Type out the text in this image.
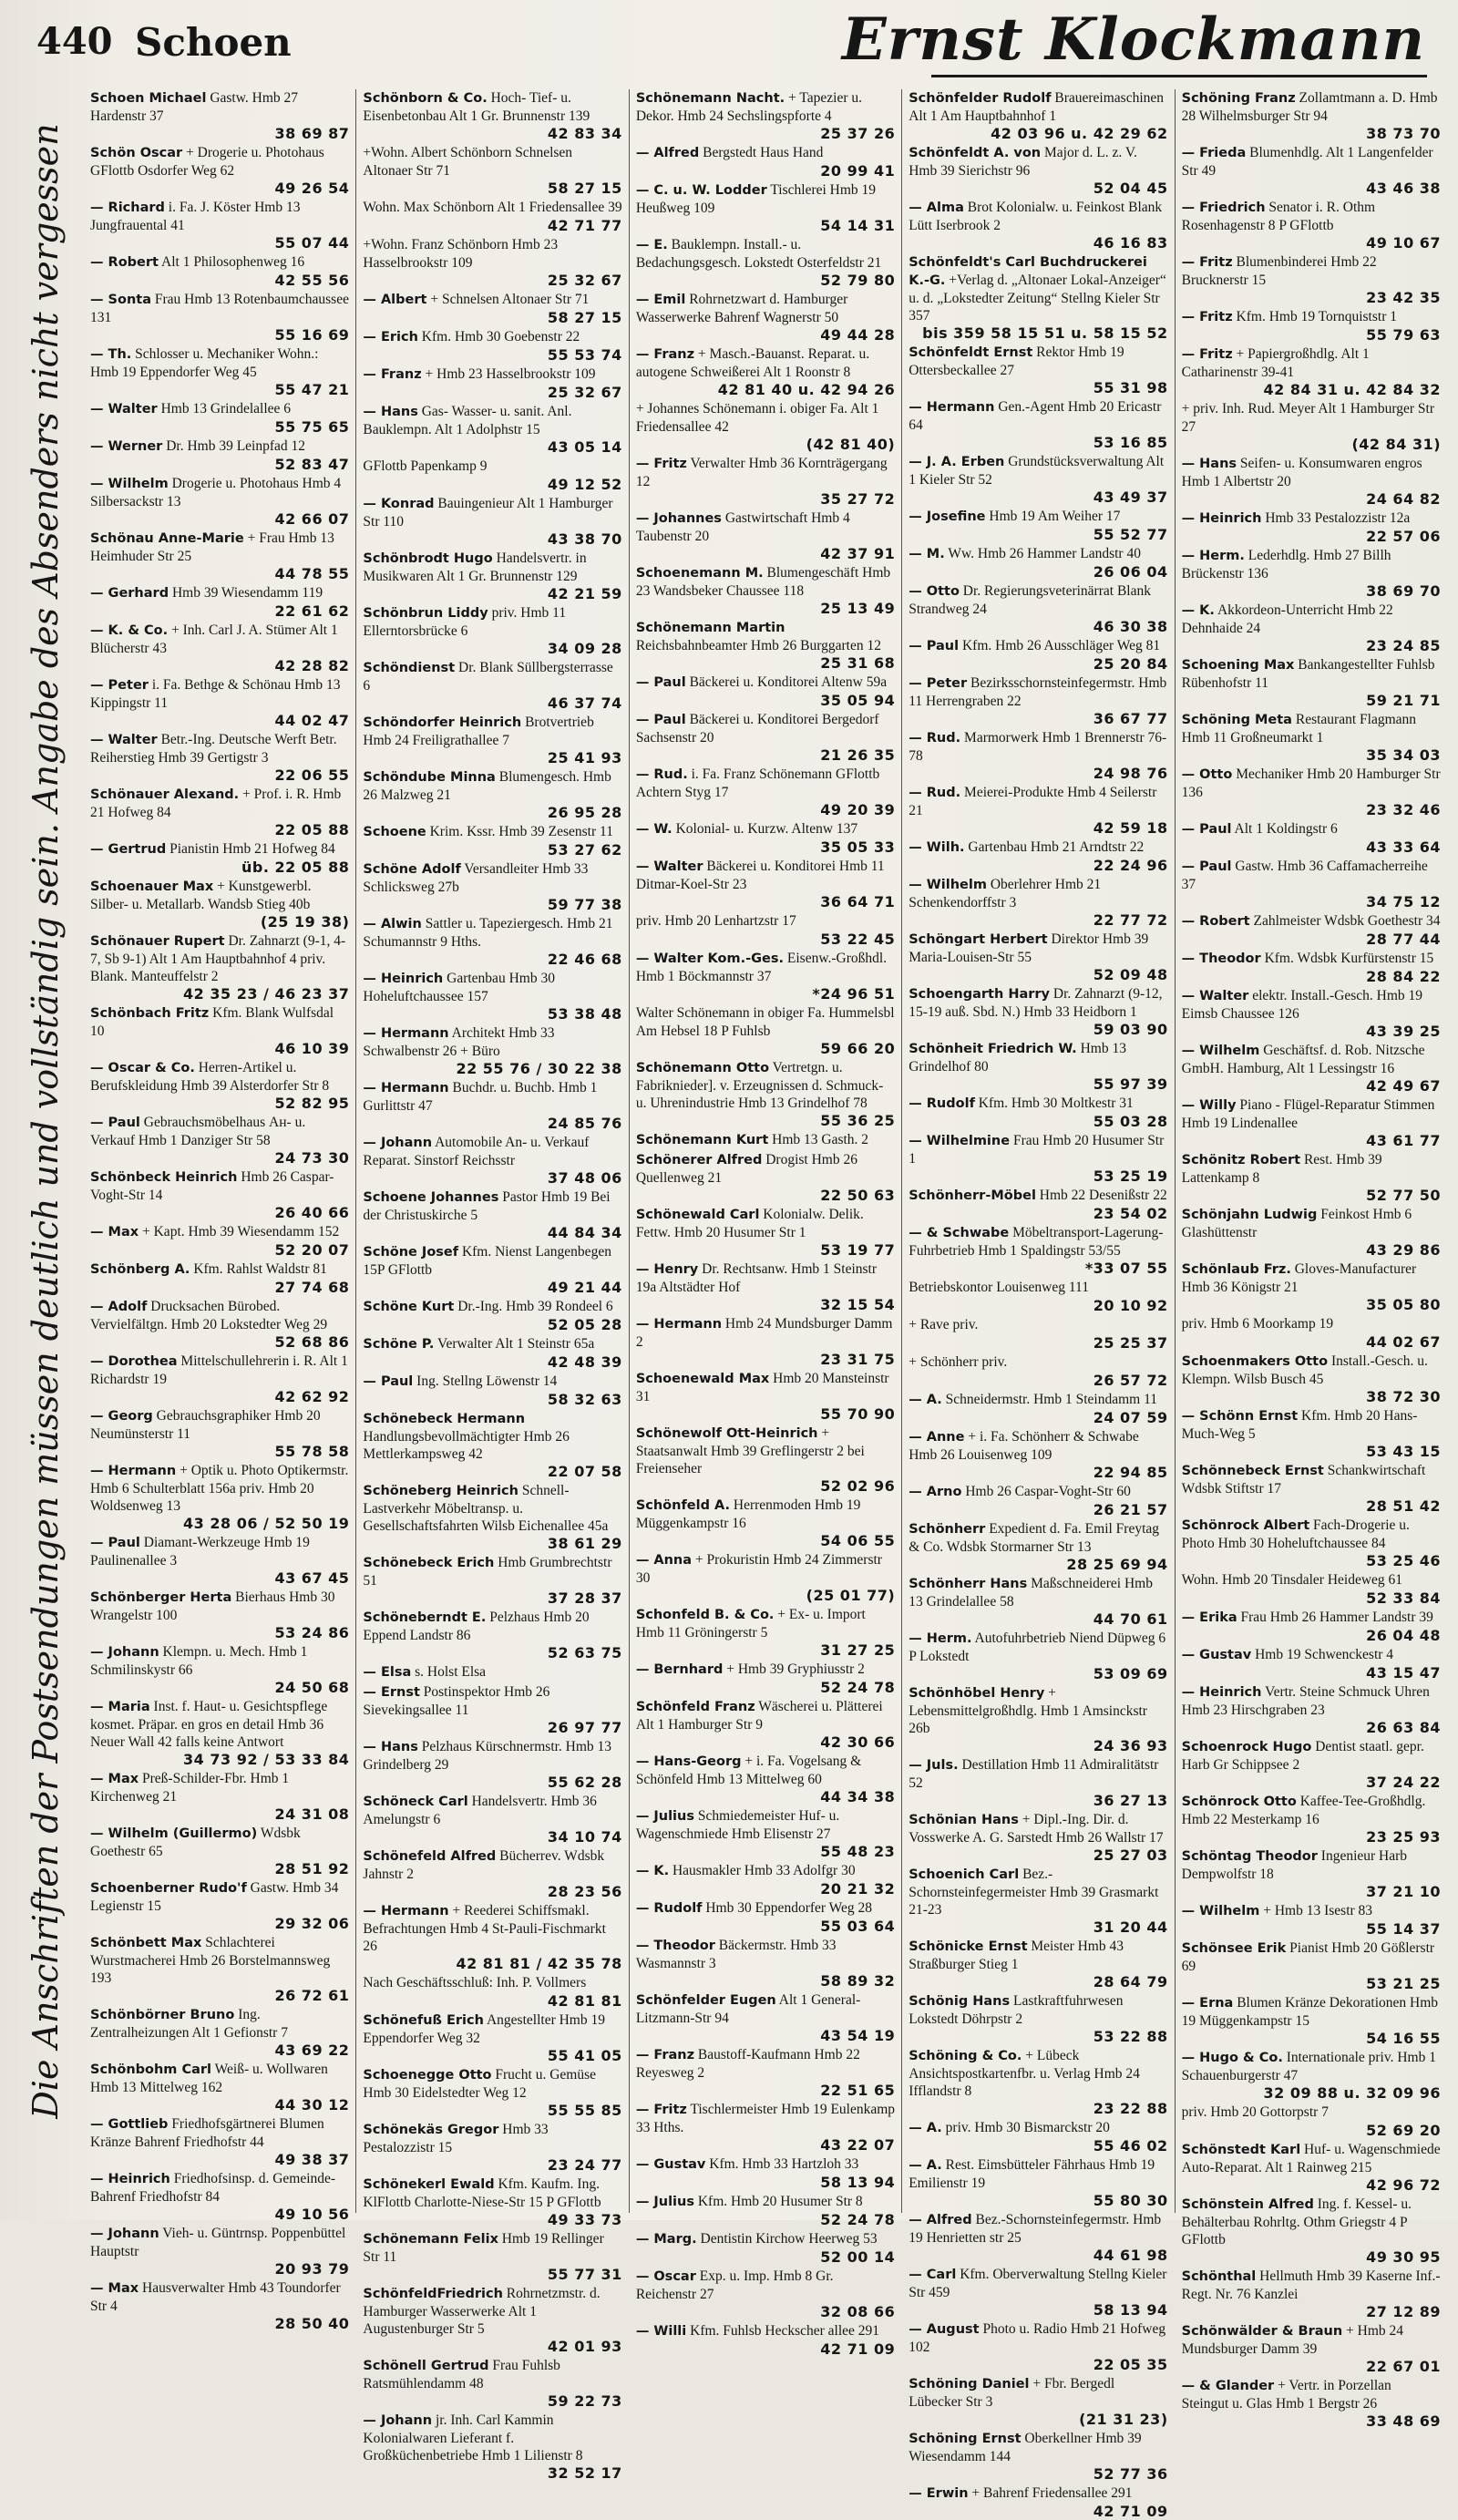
440 Schoen	Ernst Klockmann
Die Anschriften der Postsendungen müssen deutlich und vollständig sein. Angabe des Absenders nicht vergessen
Schoen Michael Gastw. Hmb 27 Hardenstr 37
38 69 87
Schön Oscar + Drogerie u. Photohaus GFlottb Osdorfer Weg 62
49 26 54
— Richard i. Fa. J. Köster Hmb 13 Jungfrauental 41
55 07 44
— Robert Alt 1 Philosophenweg 16
42 55 56
— Sonta Frau Hmb 13 Rotenbaumchaussee 131
55 16 69
— Th. Schlosser u. Mechaniker Wohn.: Hmb 19 Eppendorfer Weg 45
55 47 21
— Walter Hmb 13 Grindelallee 6
55 75 65
— Werner Dr. Hmb 39 Leinpfad 12
52 83 47
— Wilhelm Drogerie u. Photohaus Hmb 4 Silbersackstr 13
42 66 07
Schönau Anne-Marie + Frau Hmb 13 Heimhuder Str 25
44 78 55
— Gerhard Hmb 39 Wiesendamm 119
22 61 62
— K. & Co. + Inh. Carl J. A. Stümer Alt 1 Blücherstr 43
42 28 82
— Peter i. Fa. Bethge & Schönau Hmb 13 Kippingstr 11
44 02 47
— Walter Betr.-Ing. Deutsche Werft Betr. Reiherstieg Hmb 39 Gertigstr 3
22 06 55
Schönauer Alexand. + Prof. i. R. Hmb 21 Hofweg 84
22 05 88
— Gertrud Pianistin Hmb 21 Hofweg 84
üb. 22 05 88
Schoenauer Max + Kunstgewerbl. Silber- u. Metallarb. Wandsb Stieg 40b
(25 19 38)
Schönauer Rupert Dr. Zahnarzt (9-1, 4-7, Sb 9-1) Alt 1 Am Hauptbahnhof 4 priv. Blank. Manteuffelstr 2
42 35 23 / 46 23 37
Schönbach Fritz Kfm. Blank Wulfsdal 10
46 10 39
— Oscar & Co. Herren-Artikel u. Berufskleidung Hmb 39 Alsterdorfer Str 8
52 82 95
— Paul Gebrauchsmöbelhaus Ан- u. Verkauf Hmb 1 Danziger Str 58
24 73 30
Schönbeck Heinrich Hmb 26 Caspar-Voght-Str 14
26 40 66
— Max + Kapt. Hmb 39 Wiesendamm 152
52 20 07
Schönberg A. Kfm. Rahlst Waldstr 81
27 74 68
— Adolf Drucksachen Bürobed. Vervielfältgn. Hmb 20 Lokstedter Weg 29
52 68 86
— Dorothea Mittelschullehrerin i. R. Alt 1 Richardstr 19
42 62 92
— Georg Gebrauchsgraphiker Hmb 20 Neumünsterstr 11
55 78 58
— Hermann + Optik u. Photo Optikermstr. Hmb 6 Schulterblatt 156a priv. Hmb 20 Woldsenweg 13
43 28 06 / 52 50 19
— Paul Diamant-Werkzeuge Hmb 19 Paulinenallee 3
43 67 45
Schönberger Herta Bierhaus Hmb 30 Wrangelstr 100
53 24 86
— Johann Klempn. u. Mech. Hmb 1 Schmilinskystr 66
24 50 68
— Maria Inst. f. Haut- u. Gesichtspflege kosmet. Präpar. en gros en detail Hmb 36 Neuer Wall 42 falls keine Antwort
34 73 92 / 53 33 84
— Max Preß-Schilder-Fbr. Hmb 1 Kirchenweg 21
24 31 08
— Wilhelm (Guillermo) Wdsbk Goethestr 65
28 51 92
Schoenberner Rudo'f Gastw. Hmb 34 Legienstr 15
29 32 06
Schönbett Max Schlachterei Wurstmacherei Hmb 26 Borstelmannsweg 193
26 72 61
Schönbörner Bruno Ing. Zentralheizungen Alt 1 Gefionstr 7
43 69 22
Schönbohm Carl Weiß- u. Wollwaren Hmb 13 Mittelweg 162
44 30 12
— Gottlieb Friedhofsgärtnerei Blumen Kränze Bahrenf Friedhofstr 44
49 38 37
— Heinrich Friedhofsinsp. d. Gemeinde-Bahrenf Friedhofstr 84
49 10 56
— Johann Vieh- u. Güntrnsp. Poppenbüttel Hauptstr
20 93 79
— Max Hausverwalter Hmb 43 Toundorfer Str 4
28 50 40
Schönborn & Co. Hoch- Tief- u. Eisenbetonbau Alt 1 Gr. Brunnenstr 139
42 83 34
+Wohn. Albert Schönborn Schnelsen Altonaer Str 71
58 27 15
Wohn. Max Schönborn Alt 1 Friedensallee 39
42 71 77
+Wohn. Franz Schönborn Hmb 23 Hasselbrookstr 109
25 32 67
— Albert + Schnelsen Altonaer Str 71
58 27 15
— Erich Kfm. Hmb 30 Goebenstr 22
55 53 74
— Franz + Hmb 23 Hasselbrookstr 109
25 32 67
— Hans Gas- Wasser- u. sanit. Anl. Bauklempn. Alt 1 Adolphstr 15
43 05 14
GFlottb Papenkamp 9
49 12 52
— Konrad Bauingenieur Alt 1 Hamburger Str 110
43 38 70
Schönbrodt Hugo Handelsvertr. in Musikwaren Alt 1 Gr. Brunnenstr 129
42 21 59
Schönbrun Liddy priv. Hmb 11 Ellerntorsbrücke 6
34 09 28
Schöndienst Dr. Blank Süllbergsterrasse 6
46 37 74
Schöndorfer Heinrich Brotvertrieb Hmb 24 Freiligrathallee 7
25 41 93
Schöndube Minna Blumengesch. Hmb 26 Malzweg 21
26 95 28
Schoene Krim. Kssr. Hmb 39 Zesenstr 11
53 27 62
Schöne Adolf Versandleiter Hmb 33 Schlicksweg 27b
59 77 38
— Alwin Sattler u. Tapeziergesch. Hmb 21 Schumannstr 9 Hths.
22 46 68
— Heinrich Gartenbau Hmb 30 Hoheluftchaussee 157
53 38 48
— Hermann Architekt Hmb 33 Schwalbenstr 26 + Büro
22 55 76 / 30 22 38
— Hermann Buchdr. u. Buchb. Hmb 1 Gurlittstr 47
24 85 76
— Johann Automobile An- u. Verkauf Reparat. Sinstorf Reichsstr
37 48 06
Schoene Johannes Pastor Hmb 19 Bei der Christuskirche 5
44 84 34
Schöne Josef Kfm. Nienst Langenbegen 15P GFlottb
49 21 44
Schöne Kurt Dr.-Ing. Hmb 39 Rondeel 6
52 05 28
Schöne P. Verwalter Alt 1 Steinstr 65a
42 48 39
— Paul Ing. Stellng Löwenstr 14
58 32 63
Schönebeck Hermann Handlungsbevollmächtigter Hmb 26 Mettlerkampsweg 42
22 07 58
Schöneberg Heinrich Schnell-Lastverkehr Möbeltransp. u. Gesellschaftsfahrten Wilsb Eichenallee 45a
38 61 29
Schönebeck Erich Hmb Grumbrechtstr 51
37 28 37
Schöneberndt E. Pelzhaus Hmb 20 Eppend Landstr 86
52 63 75
— Elsa s. Holst Elsa
— Ernst Postinspektor Hmb 26 Sievekingsallee 11
26 97 77
— Hans Pelzhaus Kürschnermstr. Hmb 13 Grindelberg 29
55 62 28
Schöneck Carl Handelsvertr. Hmb 36 Amelungstr 6
34 10 74
Schönefeld Alfred Bücherrev. Wdsbk Jahnstr 2
28 23 56
— Hermann + Reederei Schiffsmakl. Befrachtungen Hmb 4 St-Pauli-Fischmarkt 26
42 81 81 / 42 35 78
Nach Geschäftsschluß: Inh. P. Vollmers
42 81 81
Schönefuß Erich Angestellter Hmb 19 Eppendorfer Weg 32
55 41 05
Schoenegge Otto Frucht u. Gemüse Hmb 30 Eidelstedter Weg 12
55 55 85
Schönekäs Gregor Hmb 33 Pestalozzistr 15
23 24 77
Schönekerl Ewald Kfm. Kaufm. Ing. KlFlottb Charlotte-Niese-Str 15 P GFlottb
49 33 73
Schönemann Felix Hmb 19 Rellinger Str 11
55 77 31
SchönfeldFriedrich Rohrnetzmstr. d. Hamburger Wasserwerke Alt 1 Augustenburger Str 5
42 01 93
Schönell Gertrud Frau Fuhlsb Ratsmühlendamm 48
59 22 73
— Johann jr. Inh. Carl Kammin Kolonialwaren Lieferant f. Großküchenbetriebe Hmb 1 Lilienstr 8
32 52 17
Schönemann Nacht. + Tapezier u. Dekor. Hmb 24 Sechslingspforte 4
25 37 26
— Alfred Bergstedt Haus Hand
20 99 41
— C. u. W. Lodder Tischlerei Hmb 19 Heußweg 109
54 14 31
— E. Bauklempn. Install.- u. Bedachungsgesch. Lokstedt Osterfeldstr 21
52 79 80
— Emil Rohrnetzwart d. Hamburger Wasserwerke Bahrenf Wagnerstr 50
49 44 28
— Franz + Masch.-Bauanst. Reparat. u. autogene Schweißerei Alt 1 Roonstr 8
42 81 40 u. 42 94 26
+ Johannes Schönemann i. obiger Fa. Alt 1 Friedensallee 42
(42 81 40)
— Fritz Verwalter Hmb 36 Kornträgergang 12
35 27 72
— Johannes Gastwirtschaft Hmb 4 Taubenstr 20
42 37 91
Schoenemann M. Blumengeschäft Hmb 23 Wandsbeker Chaussee 118
25 13 49
Schönemann Martin Reichsbahnbeamter Hmb 26 Burggarten 12
25 31 68
— Paul Bäckerei u. Konditorei Altenw 59a
35 05 94
— Paul Bäckerei u. Konditorei Bergedorf Sachsenstr 20
21 26 35
— Rud. i. Fa. Franz Schönemann GFlottb Achtern Styg 17
49 20 39
— W. Kolonial- u. Kurzw. Altenw 137
35 05 33
— Walter Bäckerei u. Konditorei Hmb 11 Ditmar-Koel-Str 23
36 64 71
priv. Hmb 20 Lenhartzstr 17
53 22 45
— Walter Kom.-Ges. Eisenw.-Großhdl. Hmb 1 Böckmannstr 37
*24 96 51
Walter Schönemann in obiger Fa. Hummelsbl Am Hebsel 18 P Fuhlsb
59 66 20
Schönemann Otto Vertretgn. u. Fabriknieder]. v. Erzeugnissen d. Schmuck- u. Uhrenindustrie Hmb 13 Grindelhof 78
55 36 25
Schönemann Kurt Hmb 13 Gasth. 2
Schönerer Alfred Drogist Hmb 26 Quellenweg 21
22 50 63
Schönewald Carl Kolonialw. Delik. Fettw. Hmb 20 Husumer Str 1
53 19 77
— Henry Dr. Rechtsanw. Hmb 1 Steinstr 19a Altstädter Hof
32 15 54
— Hermann Hmb 24 Mundsburger Damm 2
23 31 75
Schoenewald Max Hmb 20 Mansteinstr 31
55 70 90
Schönewolf Ott-Heinrich + Staatsanwalt Hmb 39 Greflingerstr 2 bei Freienseher
52 02 96
Schönfeld A. Herrenmoden Hmb 19 Müggenkampstr 16
54 06 55
— Anna + Prokuristin Hmb 24 Zimmerstr 30
(25 01 77)
Schonfeld B. & Co. + Ex- u. Import Hmb 11 Gröningerstr 5
31 27 25
— Bernhard + Hmb 39 Gryphiusstr 2
52 24 78
Schönfeld Franz Wäscherei u. Plätterei Alt 1 Hamburger Str 9
42 30 66
— Hans-Georg + i. Fa. Vogelsang & Schönfeld Hmb 13 Mittelweg 60
44 34 38
— Julius Schmiedemeister Huf- u. Wagenschmiede Hmb Elisenstr 27
55 48 23
— K. Hausmakler Hmb 33 Adolfgr 30
20 21 32
— Rudolf Hmb 30 Eppendorfer Weg 28
55 03 64
— Theodor Bäckermstr. Hmb 33 Wasmannstr 3
58 89 32
Schönfelder Eugen Alt 1 General-Litzmann-Str 94
43 54 19
— Franz Baustoff-Kaufmann Hmb 22 Reyesweg 2
22 51 65
— Fritz Tischlermeister Hmb 19 Eulenkamp 33 Hths.
43 22 07
— Gustav Kfm. Hmb 33 Hartzloh 33
58 13 94
— Julius Kfm. Hmb 20 Husumer Str 8
52 24 78
— Marg. Dentistin Kirchow Heerweg 53
52 00 14
— Oscar Exp. u. Imp. Hmb 8 Gr. Reichenstr 27
32 08 66
— Willi Kfm. Fuhlsb Heckscher allee 291
42 71 09
Schönfelder Rudolf Brauereimaschinen Alt 1 Am Hauptbahnhof 1
42 03 96 u. 42 29 62
Schönfeldt A. von Major d. L. z. V. Hmb 39 Sierichstr 96
52 04 45
— Alma Brot Kolonialw. u. Feinkost Blank Lütt Iserbrook 2
46 16 83
Schönfeldt's Carl Buchdruckerei K.-G. +Verlag d. „Altonaer Lokal-Anzeiger“ u. d. „Lokstedter Zeitung“ Stellng Kieler Str 357
bis 359 58 15 51 u. 58 15 52
Schönfeldt Ernst Rektor Hmb 19 Ottersbeckallee 27
55 31 98
— Hermann Gen.-Agent Hmb 20 Ericastr 64
53 16 85
— J. A. Erben Grundstücksverwaltung Alt 1 Kieler Str 52
43 49 37
— Josefine Hmb 19 Am Weiher 17
55 52 77
— M. Ww. Hmb 26 Hammer Landstr 40
26 06 04
— Otto Dr. Regierungsveterinärrat Blank Strandweg 24
46 30 38
— Paul Kfm. Hmb 26 Ausschläger Weg 81
25 20 84
— Peter Bezirksschornsteinfegermstr. Hmb 11 Herrengraben 22
36 67 77
— Rud. Marmorwerk Hmb 1 Brennerstr 76-78
24 98 76
— Rud. Meierei-Produkte Hmb 4 Seilerstr 21
42 59 18
— Wilh. Gartenbau Hmb 21 Arndtstr 22
22 24 96
— Wilhelm Oberlehrer Hmb 21 Schenkendorffstr 3
22 77 72
Schöngart Herbert Direktor Hmb 39 Maria-Louisen-Str 55
52 09 48
Schoengarth Harry Dr. Zahnarzt (9-12, 15-19 auß. Sbd. N.) Hmb 33 Heidborn 1
59 03 90
Schönheit Friedrich W. Hmb 13 Grindelhof 80
55 97 39
— Rudolf Kfm. Hmb 30 Moltkestr 31
55 03 28
— Wilhelmine Frau Hmb 20 Husumer Str 1
53 25 19
Schönherr-Möbel Hmb 22 Desenißstr 22
23 54 02
— & Schwabe Möbeltransport-Lagerung-Fuhrbetrieb Hmb 1 Spaldingstr 53/55
*33 07 55
Betriebskontor Louisenweg 111
20 10 92
+ Rave priv.
25 25 37
+ Schönherr priv.
26 57 72
— A. Schneidermstr. Hmb 1 Steindamm 11
24 07 59
— Anne + i. Fa. Schönherr & Schwabe Hmb 26 Louisenweg 109
22 94 85
— Arno Hmb 26 Caspar-Voght-Str 60
26 21 57
Schönherr Expedient d. Fa. Emil Freytag & Co. Wdsbk Stormarner Str 13
28 25 69 94
Schönherr Hans Maßschneiderei Hmb 13 Grindelallee 58
44 70 61
— Herm. Autofuhrbetrieb Niend Düpweg 6 P Lokstedt
53 09 69
Schönhöbel Henry + Lebensmittelgroßhdlg. Hmb 1 Amsinckstr 26b
24 36 93
— Juls. Destillation Hmb 11 Admiralitätstr 52
36 27 13
Schönian Hans + Dipl.-Ing. Dir. d. Vosswerke A. G. Sarstedt Hmb 26 Wallstr 17
25 27 03
Schoenich Carl Bez.-Schornsteinfegermeister Hmb 39 Grasmarkt 21-23
31 20 44
Schönicke Ernst Meister Hmb 43 Straßburger Stieg 1
28 64 79
Schönig Hans Lastkraftfuhrwesen Lokstedt Döhrpstr 2
53 22 88
Schöning & Co. + Lübeck Ansichtspostkartenfbr. u. Verlag Hmb 24 Ifflandstr 8
23 22 88
— A. priv. Hmb 30 Bismarckstr 20
55 46 02
— A. Rest. Eimsbütteler Fährhaus Hmb 19 Emilienstr 19
55 80 30
— Alfred Bez.-Schornsteinfegermstr. Hmb 19 Henrietten str 25
44 61 98
— Carl Kfm. Oberverwaltung Stellng Kieler Str 459
58 13 94
— August Photo u. Radio Hmb 21 Hofweg 102
22 05 35
Schöning Daniel + Fbr. Bergedl Lübecker Str 3
(21 31 23)
Schöning Ernst Oberkellner Hmb 39 Wiesendamm 144
52 77 36
— Erwin + Bahrenf Friedensallee 291
42 71 09
Schöning Franz Zollamtmann a. D. Hmb 28 Wilhelmsburger Str 94
38 73 70
— Frieda Blumenhdlg. Alt 1 Langenfelder Str 49
43 46 38
— Friedrich Senator i. R. Othm Rosenhagenstr 8 P GFlottb
49 10 67
— Fritz Blumenbinderei Hmb 22 Brucknerstr 15
23 42 35
— Fritz Kfm. Hmb 19 Tornquiststr 1
55 79 63
— Fritz + Papiergroßhdlg. Alt 1 Catharinenstr 39-41
42 84 31 u. 42 84 32
+ priv. Inh. Rud. Meyer Alt 1 Hamburger Str 27
(42 84 31)
— Hans Seifen- u. Konsumwaren engros Hmb 1 Albertstr 20
24 64 82
— Heinrich Hmb 33 Pestalozzistr 12a
22 57 06
— Herm. Lederhdlg. Hmb 27 Billh Brückenstr 136
38 69 70
— K. Akkordeon-Unterricht Hmb 22 Dehnhaide 24
23 24 85
Schoening Max Bankangestellter Fuhlsb Rübenhofstr 11
59 21 71
Schöning Meta Restaurant Flagmann Hmb 11 Großneumarkt 1
35 34 03
— Otto Mechaniker Hmb 20 Hamburger Str 136
23 32 46
— Paul Alt 1 Koldingstr 6
43 33 64
— Paul Gastw. Hmb 36 Caffamacherreihe 37
34 75 12
— Robert Zahlmeister Wdsbk Goethestr 34
28 77 44
— Theodor Kfm. Wdsbk Kurfürstenstr 15
28 84 22
— Walter elektr. Install.-Gesch. Hmb 19 Eimsb Chaussee 126
43 39 25
— Wilhelm Geschäftsf. d. Rob. Nitzsche GmbH. Hamburg, Alt 1 Lessingstr 16
42 49 67
— Willy Piano - Flügel-Reparatur Stimmen Hmb 19 Lindenallee
43 61 77
Schönitz Robert Rest. Hmb 39 Lattenkamp 8
52 77 50
Schönjahn Ludwig Feinkost Hmb 6 Glashüttenstr
43 29 86
Schönlaub Frz. Gloves-Manufacturer Hmb 36 Königstr 21
35 05 80
priv. Hmb 6 Moorkamp 19
44 02 67
Schoenmakers Otto Install.-Gesch. u. Klempn. Wilsb Busch 45
38 72 30
— Schönn Ernst Kfm. Hmb 20 Hans-Much-Weg 5
53 43 15
Schönnebeck Ernst Schankwirtschaft Wdsbk Stiftstr 17
28 51 42
Schönrock Albert Fach-Drogerie u. Photo Hmb 30 Hoheluftchaussee 84
53 25 46
Wohn. Hmb 20 Tinsdaler Heideweg 61
52 33 84
— Erika Frau Hmb 26 Hammer Landstr 39
26 04 48
— Gustav Hmb 19 Schwenckestr 4
43 15 47
— Heinrich Vertr. Steine Schmuck Uhren Hmb 23 Hirschgraben 23
26 63 84
Schoenrock Hugo Dentist staatl. gepr. Harb Gr Schippsee 2
37 24 22
Schönrock Otto Kaffee-Tee-Großhdlg. Hmb 22 Mesterkamp 16
23 25 93
Schöntag Theodor Ingenieur Harb Dempwolfstr 18
37 21 10
— Wilhelm + Hmb 13 Isestr 83
55 14 37
Schönsee Erik Pianist Hmb 20 Gößlerstr 69
53 21 25
— Erna Blumen Kränze Dekorationen Hmb 19 Müggenkampstr 15
54 16 55
— Hugo & Co. Internationale priv. Hmb 1 Schauenburgerstr 47
32 09 88 u. 32 09 96
priv. Hmb 20 Gottorpstr 7
52 69 20
Schönstedt Karl Huf- u. Wagenschmiede Auto-Reparat. Alt 1 Rainweg 215
42 96 72
Schönstein Alfred Ing. f. Kessel- u. Behälterbau Rohrltg. Othm Griegstr 4 P GFlottb
49 30 95
Schönthal Hellmuth Hmb 39 Kaserne Inf.-Regt. Nr. 76 Kanzlei
27 12 89
Schönwälder & Braun + Hmb 24 Mundsburger Damm 39
22 67 01
— & Glander + Vertr. in Porzellan Steingut u. Glas Hmb 1 Bergstr 26
33 48 69
